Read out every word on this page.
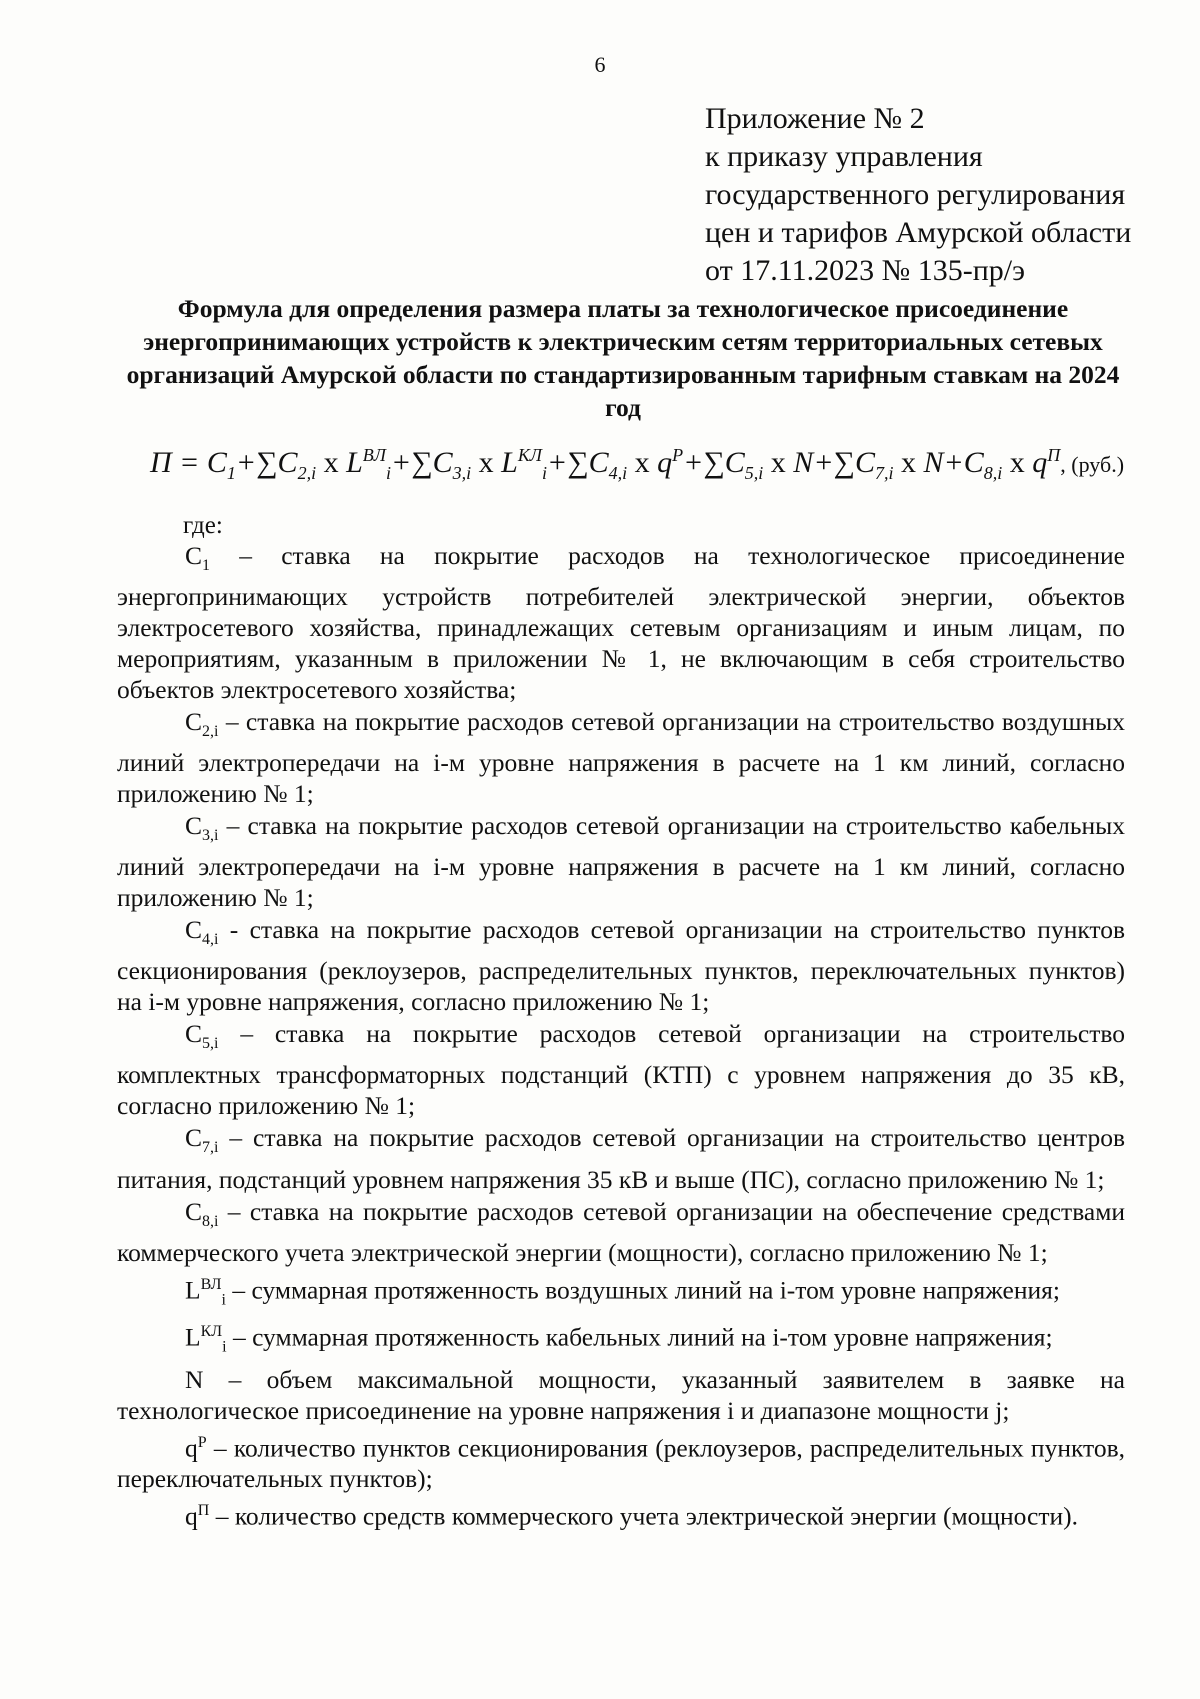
6
Приложение № 2
к приказу управления
государственного регулирования
цен и тарифов Амурской области
от 17.11.2023 № 135-пр/э
Формула для определения размера платы за технологическое присоединение энергопринимающих устройств к электрическим сетям территориальных сетевых организаций Амурской области по стандартизированным тарифным ставкам на 2024 год
$П = С_1+\sum С_{2,i}$ x $L^{ВЛ}_i+\sum С_{3,i}$ x $L^{КЛ}_i+\sum С_{4,i}$ x $q^Р+\sum С_{5,i}$ x $N+\sum С_{7,i}$ x $N+С_{8,i}$ x $q^П$, (руб.)
где:

$С_1$ – ставка на покрытие расходов на технологическое присоединение энергопринимающих устройств потребителей электрической энергии, объектов электросетевого хозяйства, принадлежащих сетевым организациям и иным лицам, по мероприятиям, указанным в приложении № 1, не включающим в себя строительство объектов электросетевого хозяйства;

$С_{2,i}$ – ставка на покрытие расходов сетевой организации на строительство воздушных линий электропередачи на i-м уровне напряжения в расчете на 1 км линий, согласно приложению № 1;

$С_{3,i}$ – ставка на покрытие расходов сетевой организации на строительство кабельных линий электропередачи на i-м уровне напряжения в расчете на 1 км линий, согласно приложению № 1;

$С_{4,i}$ - ставка на покрытие расходов сетевой организации на строительство пунктов секционирования (реклоузеров, распределительных пунктов, переключательных пунктов) на i-м уровне напряжения, согласно приложению № 1;

$С_{5,i}$ – ставка на покрытие расходов сетевой организации на строительство комплектных трансформаторных подстанций (КТП) с уровнем напряжения до 35 кВ, согласно приложению № 1;

$С_{7,i}$ – ставка на покрытие расходов сетевой организации на строительство центров питания, подстанций уровнем напряжения 35 кВ и выше (ПС), согласно приложению № 1;

$С_{8,i}$ – ставка на покрытие расходов сетевой организации на обеспечение средствами коммерческого учета электрической энергии (мощности), согласно приложению № 1;

$L^{ВЛ}_i$ – суммарная протяженность воздушных линий на i-том уровне напряжения;

$L^{КЛ}_i$ – суммарная протяженность кабельных линий на i-том уровне напряжения;

N – объем максимальной мощности, указанный заявителем в заявке на технологическое присоединение на уровне напряжения i и диапазоне мощности j;

$q^Р$ – количество пунктов секционирования (реклоузеров, распределительных пунктов, переключательных пунктов);

$q^П$ – количество средств коммерческого учета электрической энергии (мощности).
